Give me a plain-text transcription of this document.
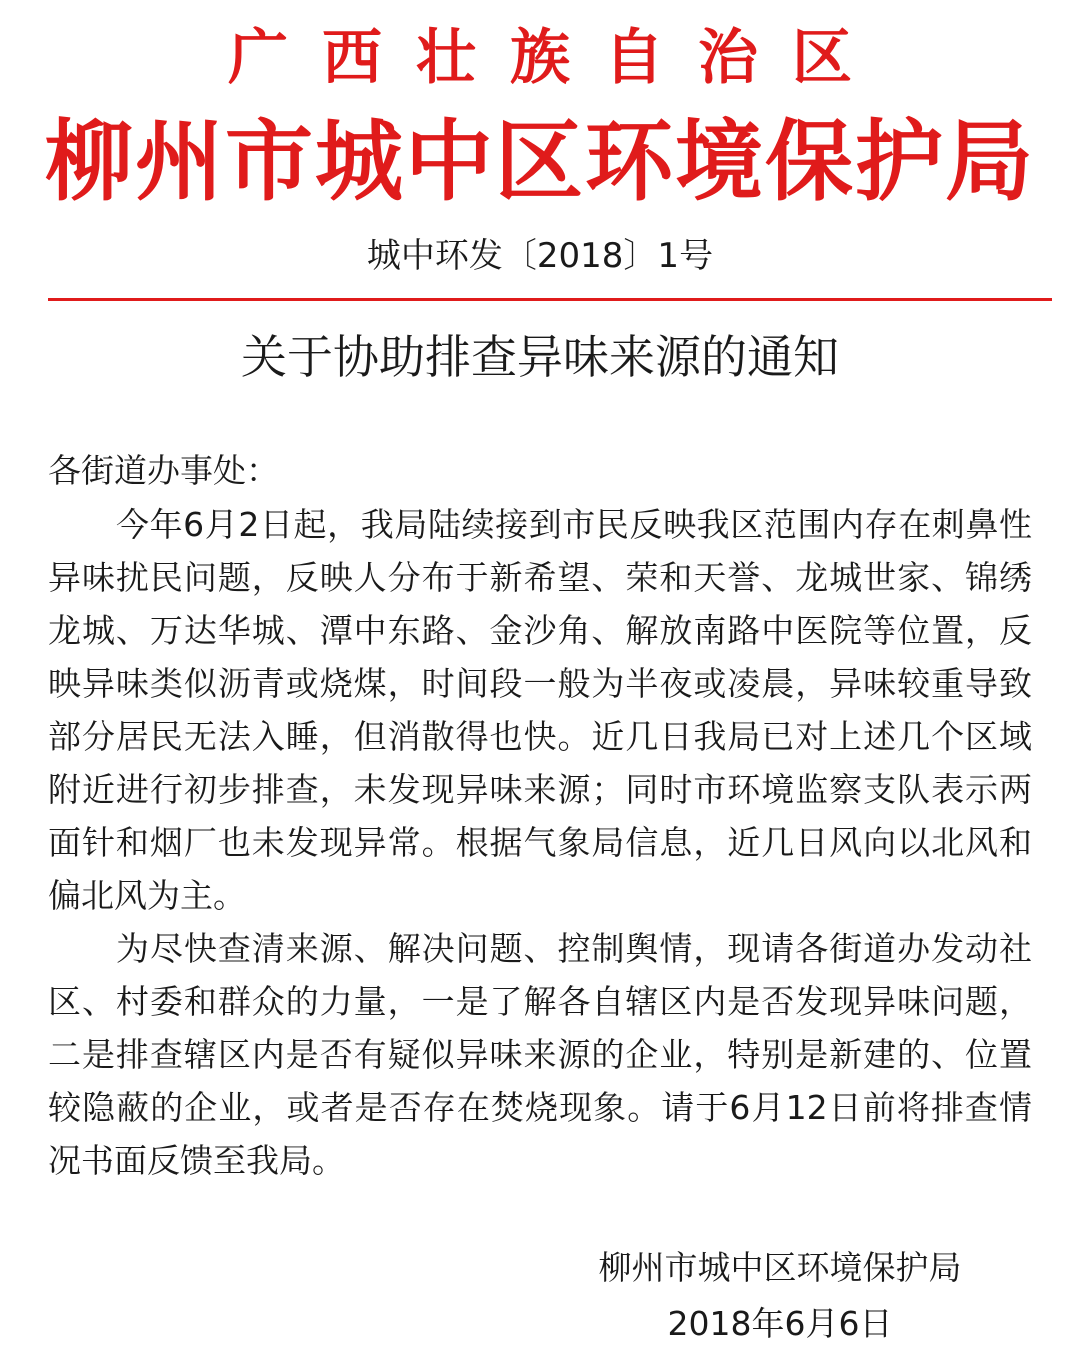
广西壮族自治区
柳州市城中区环境保护局
城中环发〔2018〕1号
关于协助排查异味来源的通知
各街道办事处：

今年6月2日起，我局陆续接到市民反映我区范围内存在刺鼻性异味扰民问题，反映人分布于新希望、荣和天誉、龙城世家、锦绣龙城、万达华城、潭中东路、金沙角、解放南路中医院等位置，反映异味类似沥青或烧煤，时间段一般为半夜或凌晨，异味较重导致部分居民无法入睡，但消散得也快。近几日我局已对上述几个区域附近进行初步排查，未发现异味来源；同时市环境监察支队表示两面针和烟厂也未发现异常。根据气象局信息，近几日风向以北风和偏北风为主。

为尽快查清来源、解决问题、控制舆情，现请各街道办发动社区、村委和群众的力量，一是了解各自辖区内是否发现异味问题，二是排查辖区内是否有疑似异味来源的企业，特别是新建的、位置较隐蔽的企业，或者是否存在焚烧现象。请于6月12日前将排查情况书面反馈至我局。

柳州市城中区环境保护局
2018年6月6日
